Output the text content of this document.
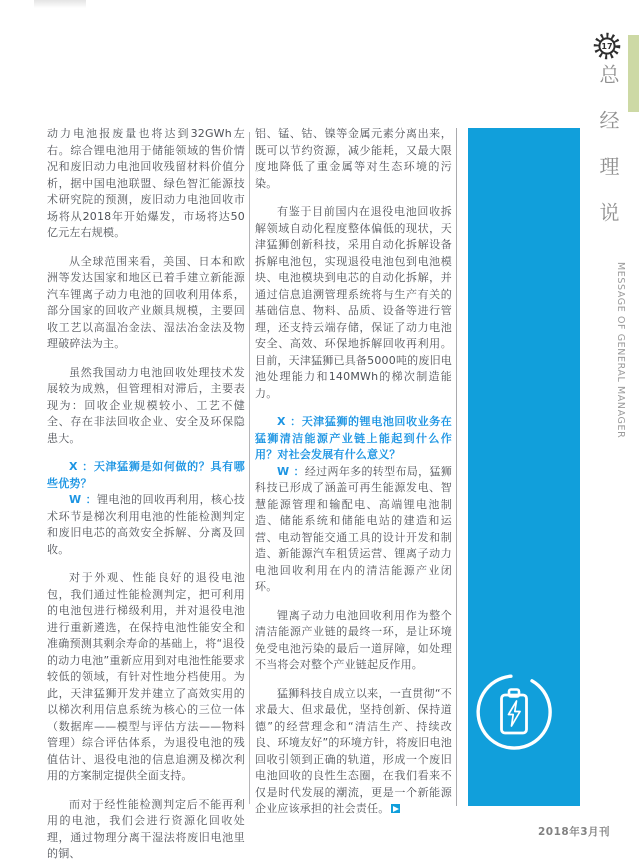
动力电池报废量也将达到32GWh左右。综合锂电池用于储能领域的售价情况和废旧动力电池回收残留材料价值分析，据中国电池联盟、绿色智汇能源技术研究院的预测，废旧动力电池回收市场将从2018年开始爆发，市场将达50亿元左右规模。

从全球范围来看，美国、日本和欧洲等发达国家和地区已着手建立新能源汽车锂离子动力电池的回收利用体系，部分国家的回收产业颇具规模，主要回收工艺以高温冶金法、湿法冶金法及物理破碎法为主。

虽然我国动力电池回收处理技术发展较为成熟，但管理相对滞后，主要表现为：回收企业规模较小、工艺不健全、存在非法回收企业、安全及环保隐患大。

X ：天津猛狮是如何做的？具有哪些优势？

W ：锂电池的回收再利用，核心技术环节是梯次利用电池的性能检测判定和废旧电芯的高效安全拆解、分离及回收。

对于外观、性能良好的退役电池包，我们通过性能检测判定，把可利用的电池包进行梯级利用，并对退役电池进行重新遴选，在保持电池性能安全和准确预测其剩余寿命的基础上，将“退役的动力电池”重新应用到对电池性能要求较低的领域，有针对性地分档使用。为此，天津猛狮开发并建立了高效实用的以梯次利用信息系统为核心的三位一体（数据库——模型与评估方法——物料管理）综合评估体系，为退役电池的残值估计、退役电池的信息追溯及梯次利用的方案制定提供全面支持。

而对于经性能检测判定后不能再利用的电池，我们会进行资源化回收处理，通过物理分离干湿法将废旧电池里的铜、

铝、锰、钴、镍等金属元素分离出来，既可以节约资源，减少能耗，又最大限度地降低了重金属等对生态环境的污染。

有鉴于目前国内在退役电池回收拆解领域自动化程度整体偏低的现状，天津猛狮创新科技，采用自动化拆解设备拆解电池包，实现退役电池包到电池模块、电池模块到电芯的自动化拆解，并通过信息追溯管理系统将与生产有关的基础信息、物料、品质、设备等进行管理，还支持云端存储，保证了动力电池安全、高效、环保地拆解回收再利用。目前，天津猛狮已具备5000吨的废旧电池处理能力和140MWh的梯次制造能力。

X ：天津猛狮的锂电池回收业务在猛狮清洁能源产业链上能起到什么作用？对社会发展有什么意义？

W ：经过两年多的转型布局，猛狮科技已形成了涵盖可再生能源发电、智慧能源管理和输配电、高端锂电池制造、储能系统和储能电站的建造和运营、电动智能交通工具的设计开发和制造、新能源汽车租赁运营、锂离子动力电池回收利用在内的清洁能源产业闭环。

锂离子动力电池回收利用作为整个清洁能源产业链的最终一环，是让环境免受电池污染的最后一道屏障，如处理不当将会对整个产业链起反作用。

猛狮科技自成立以来，一直贯彻“不求最大、但求最优，坚持创新、保持道德”的经营理念和“清洁生产、持续改良、环境友好”的环境方针，将废旧电池回收引领到正确的轨道，形成一个废旧电池回收的良性生态圈，在我们看来不仅是时代发展的潮流，更是一个新能源企业应该承担的社会责任。

17
总经理说
MESSAGE OF GENERAL MANAGER
2018年3月刊
